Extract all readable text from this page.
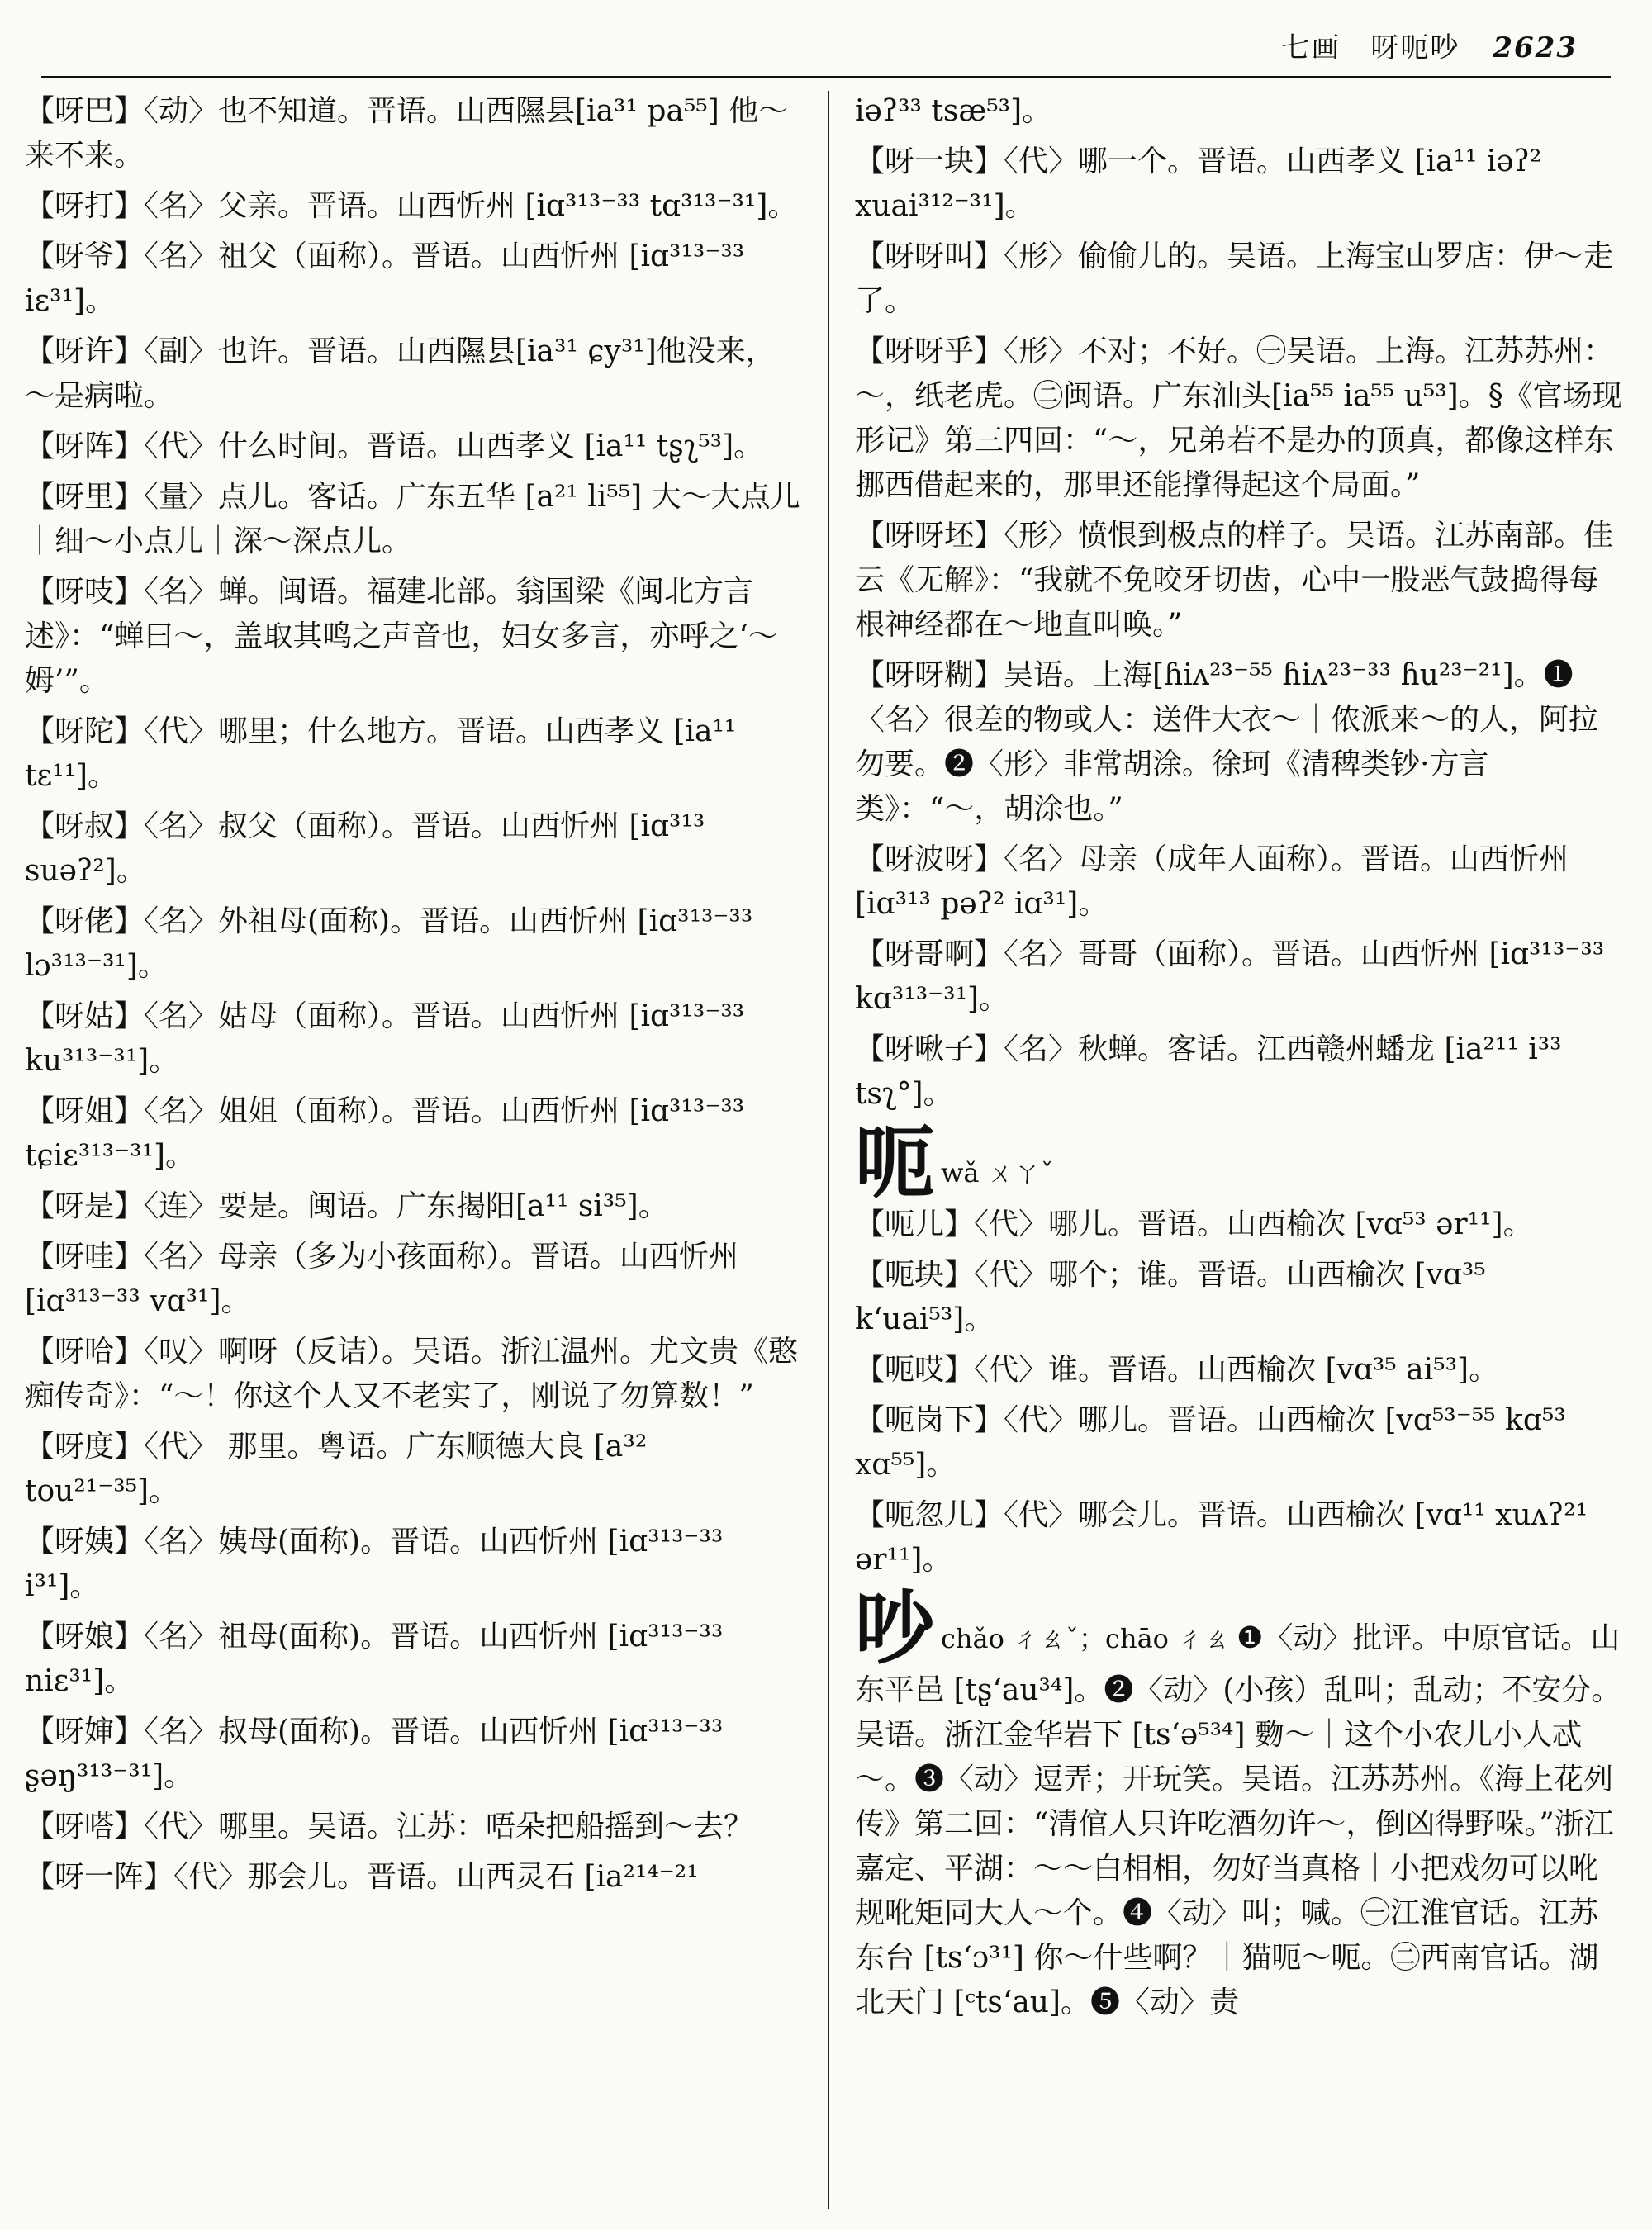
七画　呀呃吵 2623

【呀巴】〈动〉也不知道。晋语。山西隰县[ia³¹ pa⁵⁵] 他～来不来。

【呀打】〈名〉父亲。晋语。山西忻州 [iɑ³¹³⁻³³ tɑ³¹³⁻³¹]。

【呀爷】〈名〉祖父（面称）。晋语。山西忻州 [iɑ³¹³⁻³³ iɛ³¹]。

【呀许】〈副〉也许。晋语。山西隰县[ia³¹ ɕy³¹]他没来，～是病啦。

【呀阵】〈代〉什么时间。晋语。山西孝义 [ia¹¹ tʂʅ⁵³]。

【呀里】〈量〉点儿。客话。广东五华 [a²¹ li⁵⁵] 大～大点儿｜细～小点儿｜深～深点儿。

【呀吱】〈名〉蝉。闽语。福建北部。翁国梁《闽北方言述》：“蝉曰～，盖取其鸣之声音也，妇女多言，亦呼之‘～姆’”。

【呀陀】〈代〉哪里；什么地方。晋语。山西孝义 [ia¹¹ tɛ¹¹]。

【呀叔】〈名〉叔父（面称）。晋语。山西忻州 [iɑ³¹³ suəʔ²]。

【呀佬】〈名〉外祖母(面称)。晋语。山西忻州 [iɑ³¹³⁻³³ lɔ³¹³⁻³¹]。

【呀姑】〈名〉姑母（面称）。晋语。山西忻州 [iɑ³¹³⁻³³ ku³¹³⁻³¹]。

【呀姐】〈名〉姐姐（面称）。晋语。山西忻州 [iɑ³¹³⁻³³ tɕiɛ³¹³⁻³¹]。

【呀是】〈连〉要是。闽语。广东揭阳[a¹¹ si³⁵]。

【呀哇】〈名〉母亲（多为小孩面称）。晋语。山西忻州[iɑ³¹³⁻³³ vɑ³¹]。

【呀哈】〈叹〉啊呀（反诘）。吴语。浙江温州。尤文贵《憨痴传奇》：“～！你这个人又不老实了，刚说了勿算数！”

【呀度】〈代〉 那里。粤语。广东顺德大良 [a³² tou²¹⁻³⁵]。

【呀姨】〈名〉姨母(面称)。晋语。山西忻州 [iɑ³¹³⁻³³ i³¹]。

【呀娘】〈名〉祖母(面称)。晋语。山西忻州 [iɑ³¹³⁻³³ niɛ³¹]。

【呀婶】〈名〉叔母(面称)。晋语。山西忻州 [iɑ³¹³⁻³³ ʂəŋ³¹³⁻³¹]。

【呀嗒】〈代〉哪里。吴语。江苏：唔朵把船摇到～去？

【呀一阵】〈代〉那会儿。晋语。山西灵石 [ia²¹⁴⁻²¹

iəʔ³³ tsæ⁵³]。

【呀一块】〈代〉哪一个。晋语。山西孝义 [ia¹¹ iəʔ² xuai³¹²⁻³¹]。

【呀呀叫】〈形〉偷偷儿的。吴语。上海宝山罗店：伊～走了。

【呀呀乎】〈形〉不对；不好。㊀吴语。上海。江苏苏州：～，纸老虎。㊁闽语。广东汕头[ia⁵⁵ ia⁵⁵ u⁵³]。§《官场现形记》第三四回：“～，兄弟若不是办的顶真，都像这样东挪西借起来的，那里还能撑得起这个局面。”

【呀呀坯】〈形〉愤恨到极点的样子。吴语。江苏南部。佳云《无解》：“我就不免咬牙切齿，心中一股恶气鼓捣得每根神经都在～地直叫唤。”

【呀呀糊】吴语。上海[ɦiʌ²³⁻⁵⁵ ɦiʌ²³⁻³³ ɦu²³⁻²¹]。❶〈名〉很差的物或人：送件大衣～｜侬派来～的人，阿拉勿要。❷〈形〉非常胡涂。徐珂《清稗类钞·方言类》：“～，胡涂也。”

【呀波呀】〈名〉母亲（成年人面称）。晋语。山西忻州[iɑ³¹³ pəʔ² iɑ³¹]。

【呀哥啊】〈名〉哥哥（面称）。晋语。山西忻州 [iɑ³¹³⁻³³ kɑ³¹³⁻³¹]。

【呀啾子】〈名〉秋蝉。客话。江西赣州蟠龙 [ia²¹¹ i³³ tsʅ°]。

呃wǎ ㄨㄚˇ

【呃儿】〈代〉哪儿。晋语。山西榆次 [vɑ⁵³ ər¹¹]。

【呃块】〈代〉哪个；谁。晋语。山西榆次 [vɑ³⁵ k‘uai⁵³]。

【呃哎】〈代〉谁。晋语。山西榆次 [vɑ³⁵ ai⁵³]。

【呃岗下】〈代〉哪儿。晋语。山西榆次 [vɑ⁵³⁻⁵⁵ kɑ⁵³ xɑ⁵⁵]。

【呃忽儿】〈代〉哪会儿。晋语。山西榆次 [vɑ¹¹ xuʌʔ²¹ ər¹¹]。

吵chǎo ㄔㄠˇ；chāo ㄔㄠ ❶〈动〉批评。中原官话。山东平邑 [tʂ‘au³⁴]。❷〈动〉(小孩）乱叫；乱动；不安分。吴语。浙江金华岩下 [ts‘ə⁵³⁴] 覅～｜这个小农儿小人忒～。❸〈动〉逗弄；开玩笑。吴语。江苏苏州。《海上花列传》第二回：“清倌人只许吃酒勿许～，倒凶得野哚。”浙江嘉定、平湖：～～白相相，勿好当真格｜小把戏勿可以吪规吪矩同大人～个。❹〈动〉叫；喊。㊀江淮官话。江苏东台 [ts‘ɔ³¹] 你～什些啊？｜猫呃～呃。㊁西南官话。湖北天门 [ᶜts‘au]。❺〈动〉责
